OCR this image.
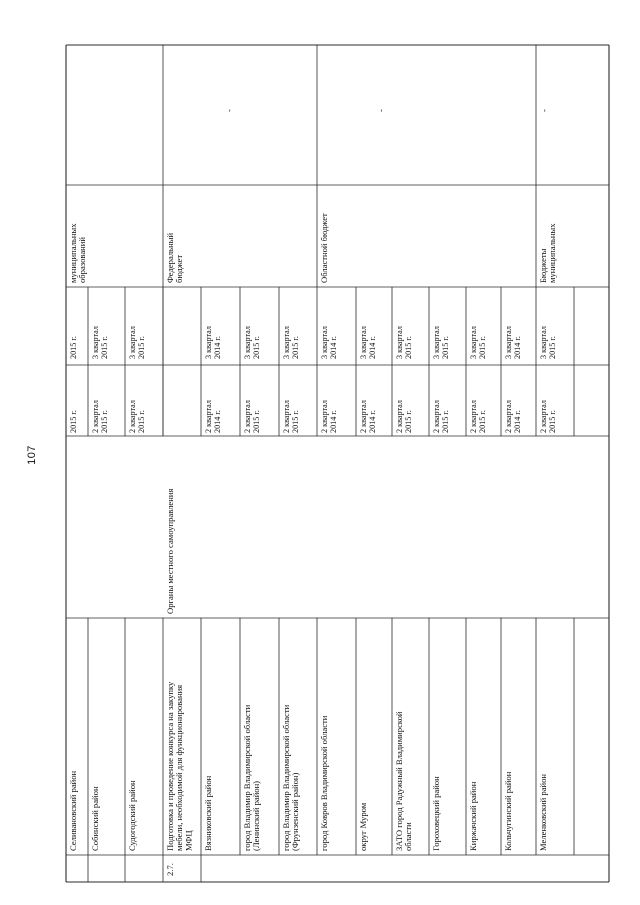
107
Селивановский район
2015 г.
2015 г.
муниципальных образований
Собинский район
2 квартал 2015 г.
3 квартал 2015 г.
Судогодский район
2 квартал 2015 г.
3 квартал 2015 г.
Подготовка и проведение конкурса на закупку мебели, необходимой для функционирования МФЦ
2.7.
Вязниковский район
2 квартал 2014 г.
3 квартал 2014 г.
город Владимир Владимирской области (Ленинский район)
2 квартал 2015 г.
3 квартал 2015 г.
город Владимир Владимирской области (Фрунзенский район)
2 квартал 2015 г.
3 квартал 2015 г.
город Ковров Владимирской области
2 квартал 2014 г.
3 квартал 2014 г.
округ Муром
2 квартал 2014 г.
3 квартал 2014 г.
ЗАТО город Радужный Владимирской области
2 квартал 2015 г.
3 квартал 2015 г.
Гороховецкий район
2 квартал 2015 г.
3 квартал 2015 г.
Киржачский район
2 квартал 2015 г.
3 квартал 2015 г.
Кольчугинский район
2 квартал 2014 г.
3 квартал 2014 г.
Меленковский район
2 квартал 2015 г.
3 квартал 2015 г.
Федеральный бюджет
-
Областной бюджет
-
Бюджеты муниципальных
-
Органы местного самоуправления
